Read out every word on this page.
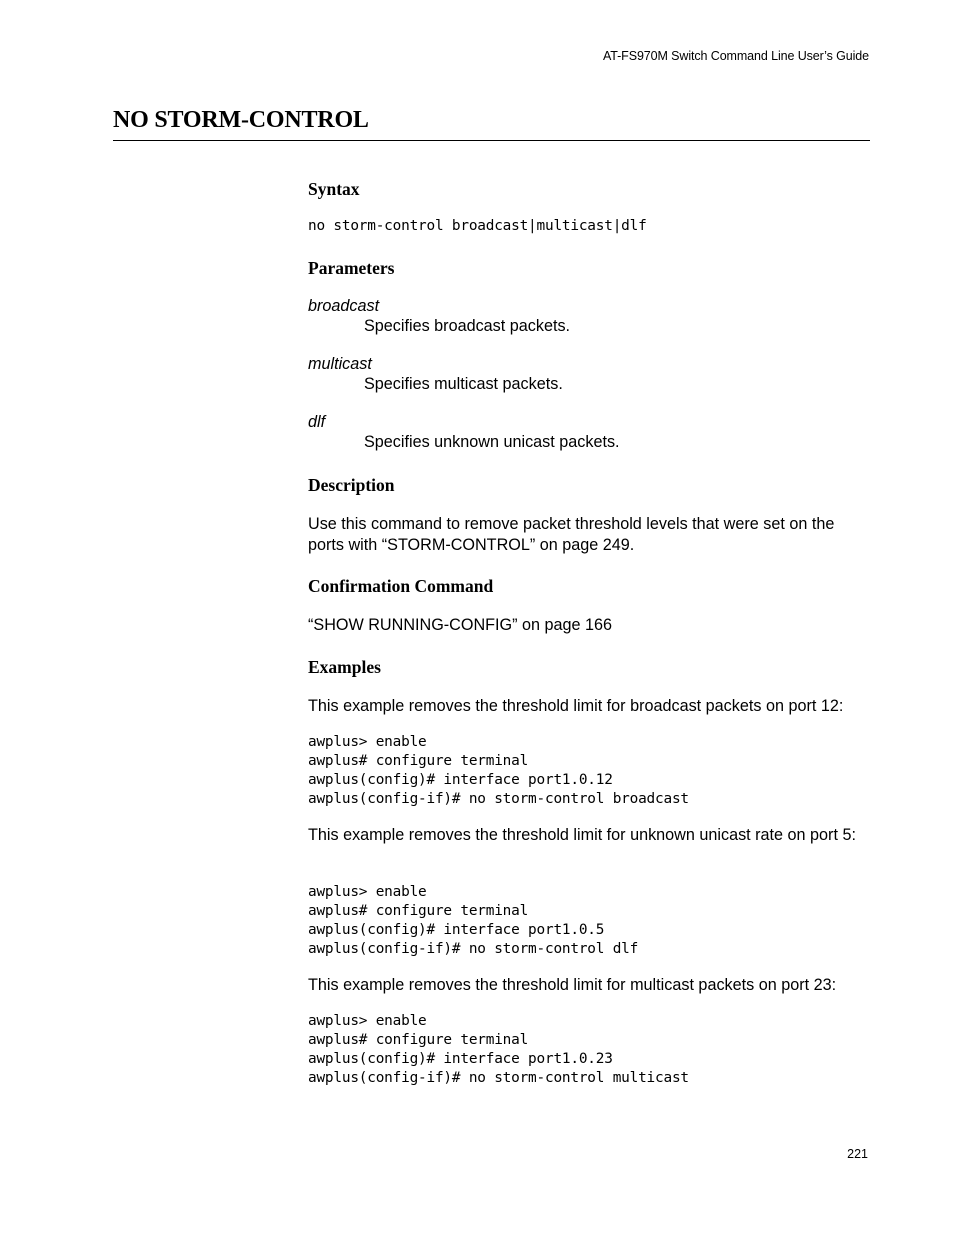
AT-FS970M Switch Command Line User’s Guide
NO STORM-CONTROL
Syntax
no storm-control broadcast|multicast|dlf
Parameters
broadcast
Specifies broadcast packets.
multicast
Specifies multicast packets.
dlf
Specifies unknown unicast packets.
Description
Use this command to remove packet threshold levels that were set on the ports with “STORM-CONTROL” on page 249.
Confirmation Command
“SHOW RUNNING-CONFIG” on page 166
Examples
This example removes the threshold limit for broadcast packets on port 12:
awplus> enable
awplus# configure terminal
awplus(config)# interface port1.0.12
awplus(config-if)# no storm-control broadcast
This example removes the threshold limit for unknown unicast rate on port 5:
awplus> enable
awplus# configure terminal
awplus(config)# interface port1.0.5
awplus(config-if)# no storm-control dlf
This example removes the threshold limit for multicast packets on port 23:
awplus> enable
awplus# configure terminal
awplus(config)# interface port1.0.23
awplus(config-if)# no storm-control multicast
221
